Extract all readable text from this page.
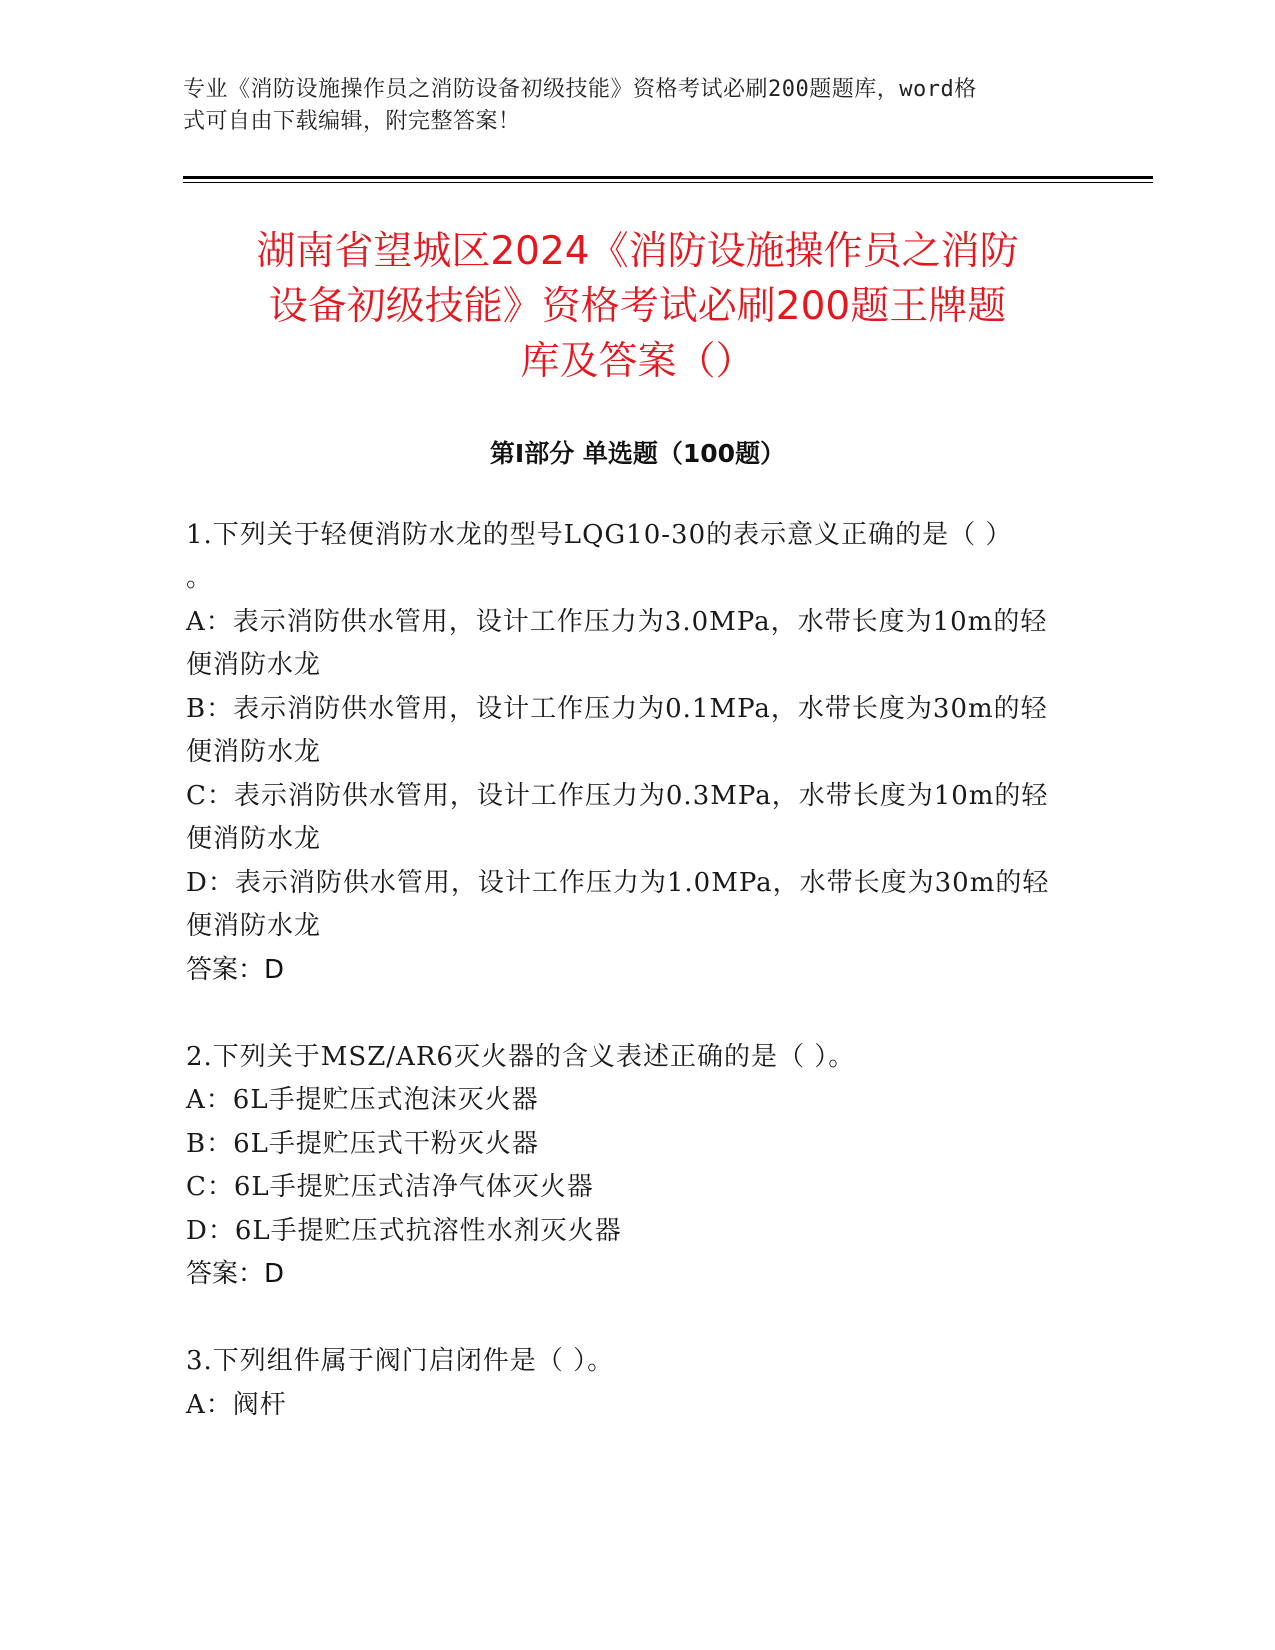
专业《消防设施操作员之消防设备初级技能》资格考试必刷200题题库，word格
式可自由下载编辑，附完整答案！
湖南省望城区2024《消防设施操作员之消防
设备初级技能》资格考试必刷200题王牌题
库及答案（）
第Ⅰ部分 单选题（100题）
1.下列关于轻便消防水龙的型号LQG10-30的表示意义正确的是（ ）
。
A：表示消防供水管用，设计工作压力为3.0MPa，水带长度为10m的轻
便消防水龙
B：表示消防供水管用，设计工作压力为0.1MPa，水带长度为30m的轻
便消防水龙
C：表示消防供水管用，设计工作压力为0.3MPa，水带长度为10m的轻
便消防水龙
D：表示消防供水管用，设计工作压力为1.0MPa，水带长度为30m的轻
便消防水龙
答案：D
2.下列关于MSZ/AR6灭火器的含义表述正确的是（ ）。
A：6L手提贮压式泡沫灭火器
B：6L手提贮压式干粉灭火器
C：6L手提贮压式洁净气体灭火器
D：6L手提贮压式抗溶性水剂灭火器
答案：D
3.下列组件属于阀门启闭件是（ ）。
A：阀杆
